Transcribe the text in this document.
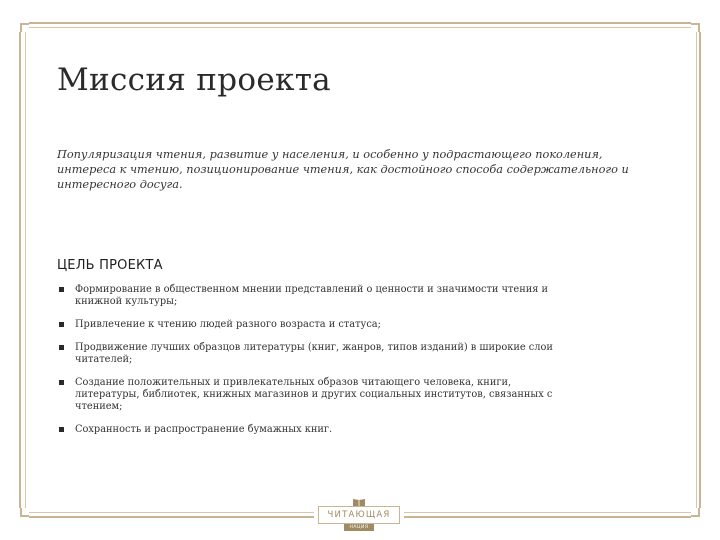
Миссия проекта

Популяризация чтения, развитие у населения, и особенно у подрастающего поколения, интереса к чтению, позиционирование чтения, как достойного способа содержательного и интересного досуга.

ЦЕЛЬ ПРОЕКТА
Формирование в общественном мнении представлений о ценности и значимости чтения и книжной культуры;
Привлечение к чтению людей разного возраста и статуса;
Продвижение лучших образцов литературы (книг, жанров, типов изданий) в широкие слои читателей;
Создание положительных и привлекательных образов читающего человека, книги, литературы, библиотек, книжных магазинов и других социальных институтов, связанных с чтением;
Сохранность и распространение бумажных книг.
ЧИТАЮЩАЯ
НАЦИЯ
